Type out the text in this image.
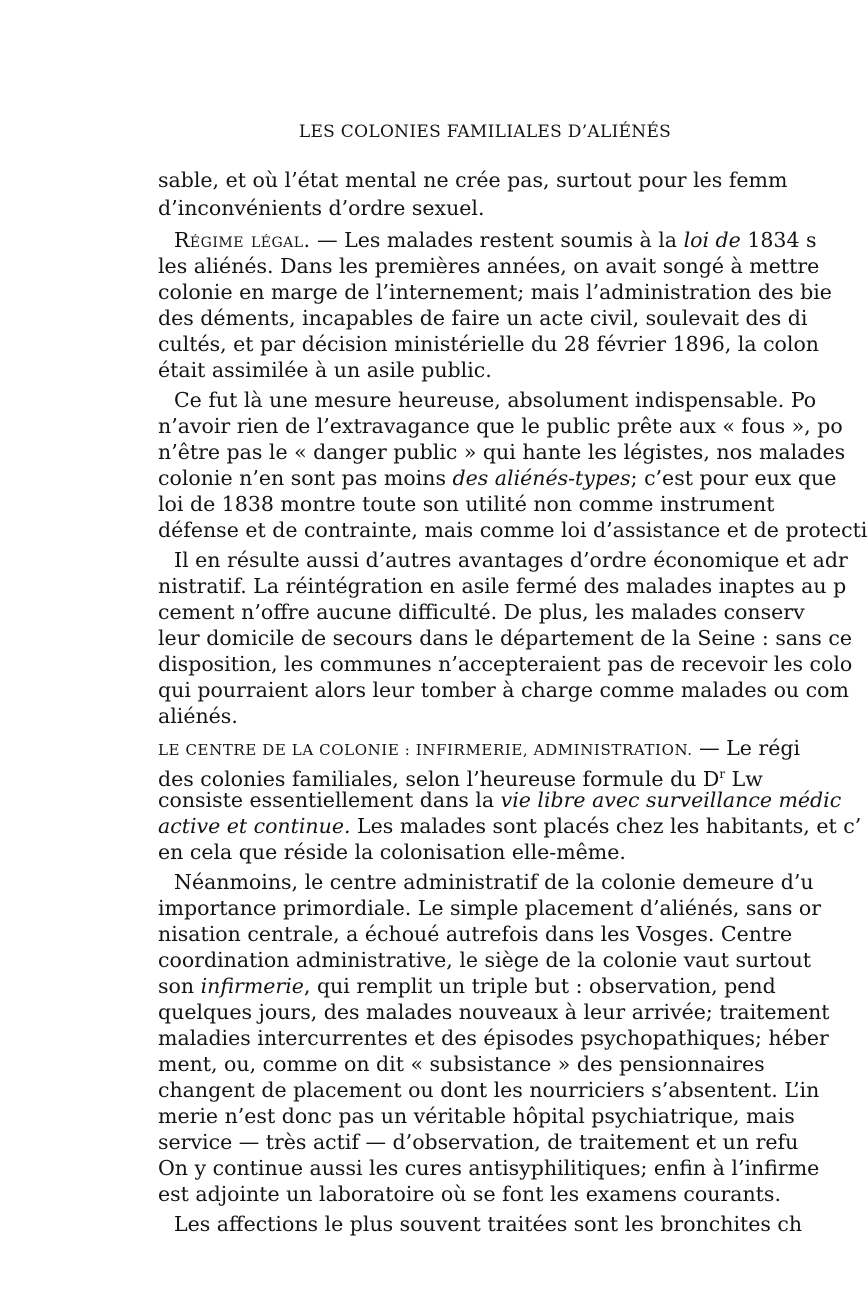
LES COLONIES FAMILIALES D’ALIÉNÉS
sable, et où l’état mental ne crée pas, surtout pour les femm
d’inconvénients d’ordre sexuel.
Régime légal. — Les malades restent soumis à la loi de 1834 s
les aliénés. Dans les premières années, on avait songé à mettre
colonie en marge de l’internement; mais l’administration des bie
des déments, incapables de faire un acte civil, soulevait des di
cultés, et par décision ministérielle du 28 février 1896, la colon
était assimilée à un asile public.
Ce fut là une mesure heureuse, absolument indispensable. Po
n’avoir rien de l’extravagance que le public prête aux « fous », po
n’être pas le « danger public » qui hante les légistes, nos malades
colonie n’en sont pas moins des aliénés-types; c’est pour eux que
loi de 1838 montre toute son utilité non comme instrument
défense et de contrainte, mais comme loi d’assistance et de protecti
Il en résulte aussi d’autres avantages d’ordre économique et adr
nistratif. La réintégration en asile fermé des malades inaptes au p
cement n’offre aucune difficulté. De plus, les malades conserv
leur domicile de secours dans le département de la Seine : sans ce
disposition, les communes n’accepteraient pas de recevoir les colo
qui pourraient alors leur tomber à charge comme malades ou com
aliénés.
LE CENTRE DE LA COLONIE : INFIRMERIE, ADMINISTRATION. — Le régi
des colonies familiales, selon l’heureuse formule du $D^r$ Lw
consiste essentiellement dans la vie libre avec surveillance médic
active et continue. Les malades sont placés chez les habitants, et c’
en cela que réside la colonisation elle-même.
Néanmoins, le centre administratif de la colonie demeure d’u
importance primordiale. Le simple placement d’aliénés, sans or
nisation centrale, a échoué autrefois dans les Vosges. Centre
coordination administrative, le siège de la colonie vaut surtout
son infirmerie, qui remplit un triple but : observation, pend
quelques jours, des malades nouveaux à leur arrivée; traitement
maladies intercurrentes et des épisodes psychopathiques; héber
ment, ou, comme on dit « subsistance » des pensionnaires
changent de placement ou dont les nourriciers s’absentent. L’in
merie n’est donc pas un véritable hôpital psychiatrique, mais
service — très actif — d’observation, de traitement et un refu
On y continue aussi les cures antisyphilitiques; enfin à l’infirme
est adjointe un laboratoire où se font les examens courants.
Les affections le plus souvent traitées sont les bronchites ch
